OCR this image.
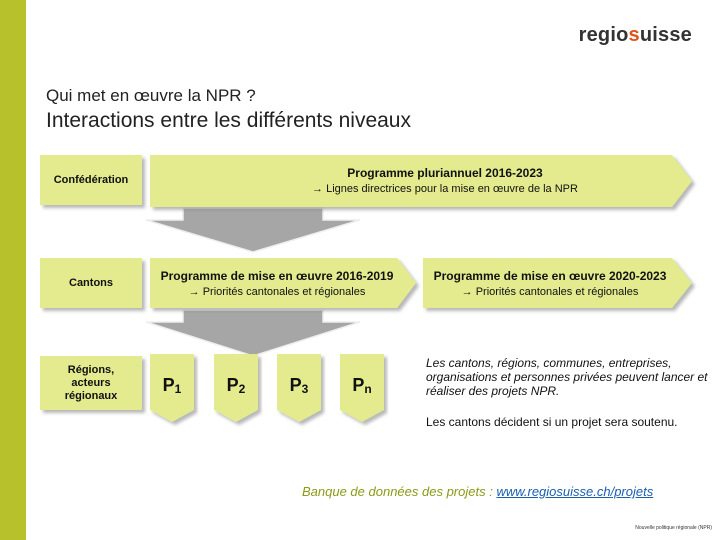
regiosuisse
Qui met en œuvre la NPR ?
Interactions entre les différents niveaux
Confédération
Cantons
Régions, acteurs régionaux
Programme pluriannuel 2016-2023
→ Lignes directrices pour la mise en œuvre de la NPR
Programme de mise en œuvre 2016-2019
→ Priorités cantonales et régionales
Programme de mise en œuvre 2020-2023
→ Priorités cantonales et régionales
$P_1$	$P_2$ $P_3$ $P_n$
Les cantons, régions, communes, entreprises, organisations et personnes privées peuvent lancer et réaliser des projets NPR.
Les cantons décident si un projet sera soutenu.
Banque de données des projets : www.regiosuisse.ch/projets
Nouvelle politique régionale (NPR)
